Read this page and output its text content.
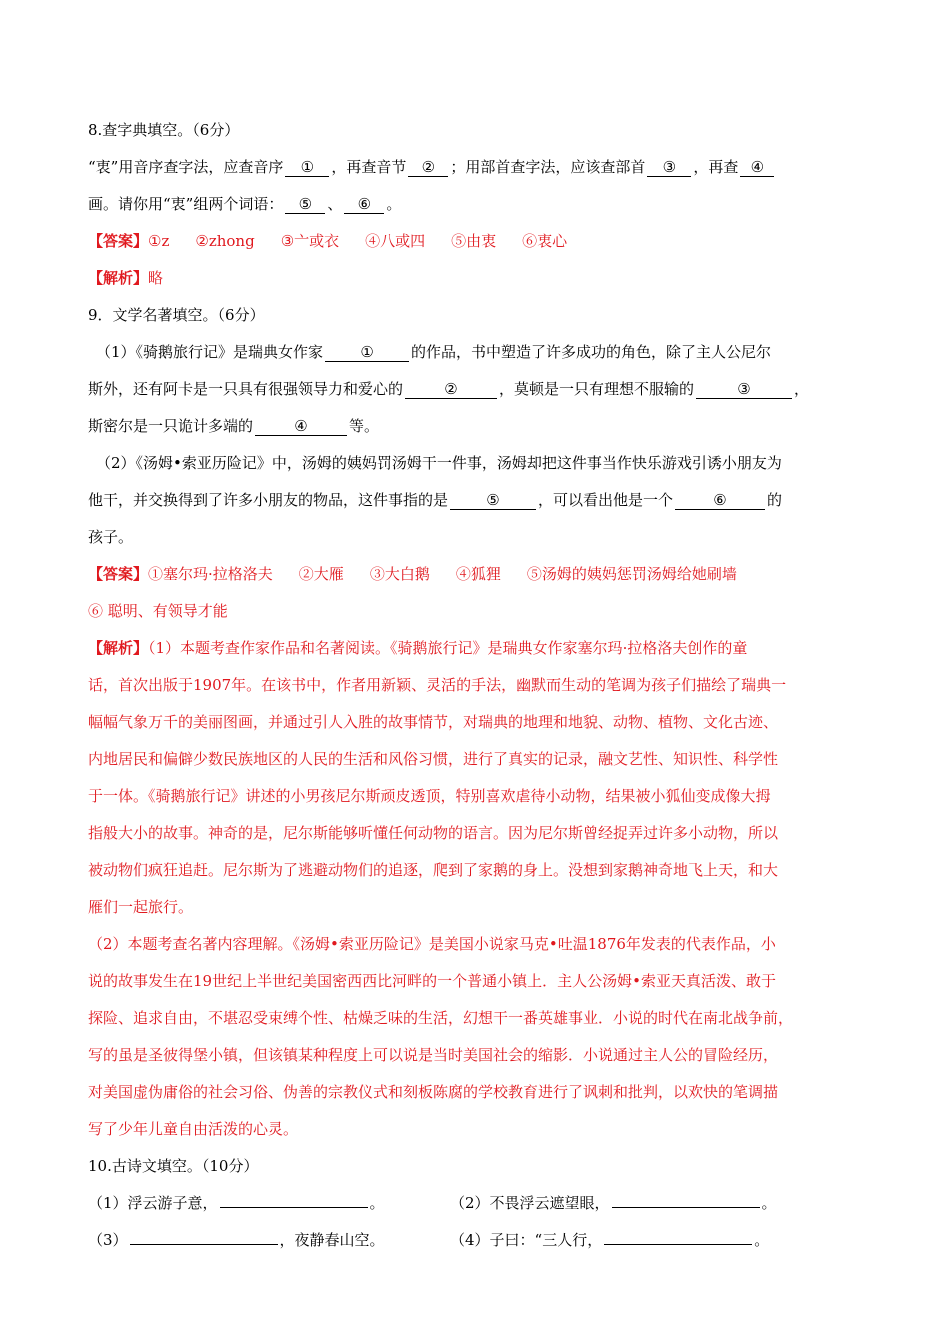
8.查字典填空。（6分）
“衷”用音序查字法，应查音序 ① ，再查音节 ② ；用部首查字法，应该查部首 ③ ，再查 ④
画。请你用“衷”组两个词语： ⑤ 、 ⑥ 。
【答案】①z ②zhong ③亠或衣 ④八或四 ⑤由衷 ⑥衷心
【解析】略
9．文学名著填空。（6分）
（1）《骑鹅旅行记》是瑞典女作家 ① 的作品，书中塑造了许多成功的角色，除了主人公尼尔
斯外，还有阿卡是一只具有很强领导力和爱心的	②	，莫顿是一只有理想不服输的	③	，
斯密尔是一只诡计多端的	④	等。
（2）《汤姆•索亚历险记》中，汤姆的姨妈罚汤姆干一件事，汤姆却把这件事当作快乐游戏引诱小朋友为
他干，并交换得到了许多小朋友的物品，这件事指的是	⑤	，可以看出他是一个	⑥	的
孩子。
【答案】①塞尔玛·拉格洛夫 ②大雁 ③大白鹅 ④狐狸 ⑤汤姆的姨妈惩罚汤姆给她刷墙
⑥ 聪明、有领导才能
【解析】（1）本题考查作家作品和名著阅读。《骑鹅旅行记》是瑞典女作家塞尔玛·拉格洛夫创作的童
话，首次出版于1907年。在该书中，作者用新颖、灵活的手法，幽默而生动的笔调为孩子们描绘了瑞典一
幅幅气象万千的美丽图画，并通过引人入胜的故事情节，对瑞典的地理和地貌、动物、植物、文化古迹、
内地居民和偏僻少数民族地区的人民的生活和风俗习惯，进行了真实的记录，融文艺性、知识性、科学性
于一体。《骑鹅旅行记》讲述的小男孩尼尔斯顽皮透顶，特别喜欢虐待小动物，结果被小狐仙变成像大拇
指般大小的故事。神奇的是，尼尔斯能够听懂任何动物的语言。因为尼尔斯曾经捉弄过许多小动物，所以
被动物们疯狂追赶。尼尔斯为了逃避动物们的追逐，爬到了家鹅的身上。没想到家鹅神奇地飞上天，和大
雁们一起旅行。
（2）本题考查名著内容理解。《汤姆•索亚历险记》是美国小说家马克•吐温1876年发表的代表作品，小
说的故事发生在19世纪上半世纪美国密西西比河畔的一个普通小镇上．主人公汤姆•索亚天真活泼、敢于
探险、追求自由，不堪忍受束缚个性、枯燥乏味的生活，幻想干一番英雄事业．小说的时代在南北战争前，
写的虽是圣彼得堡小镇，但该镇某种程度上可以说是当时美国社会的缩影．小说通过主人公的冒险经历，
对美国虚伪庸俗的社会习俗、伪善的宗教仪式和刻板陈腐的学校教育进行了讽刺和批判，以欢快的笔调描
写了少年儿童自由活泼的心灵。
10.古诗文填空。（10分）
（1）浮云游子意，	。	（2）不畏浮云遮望眼，	。
（3）	，夜静春山空。	（4）子曰：“三人行，	。
